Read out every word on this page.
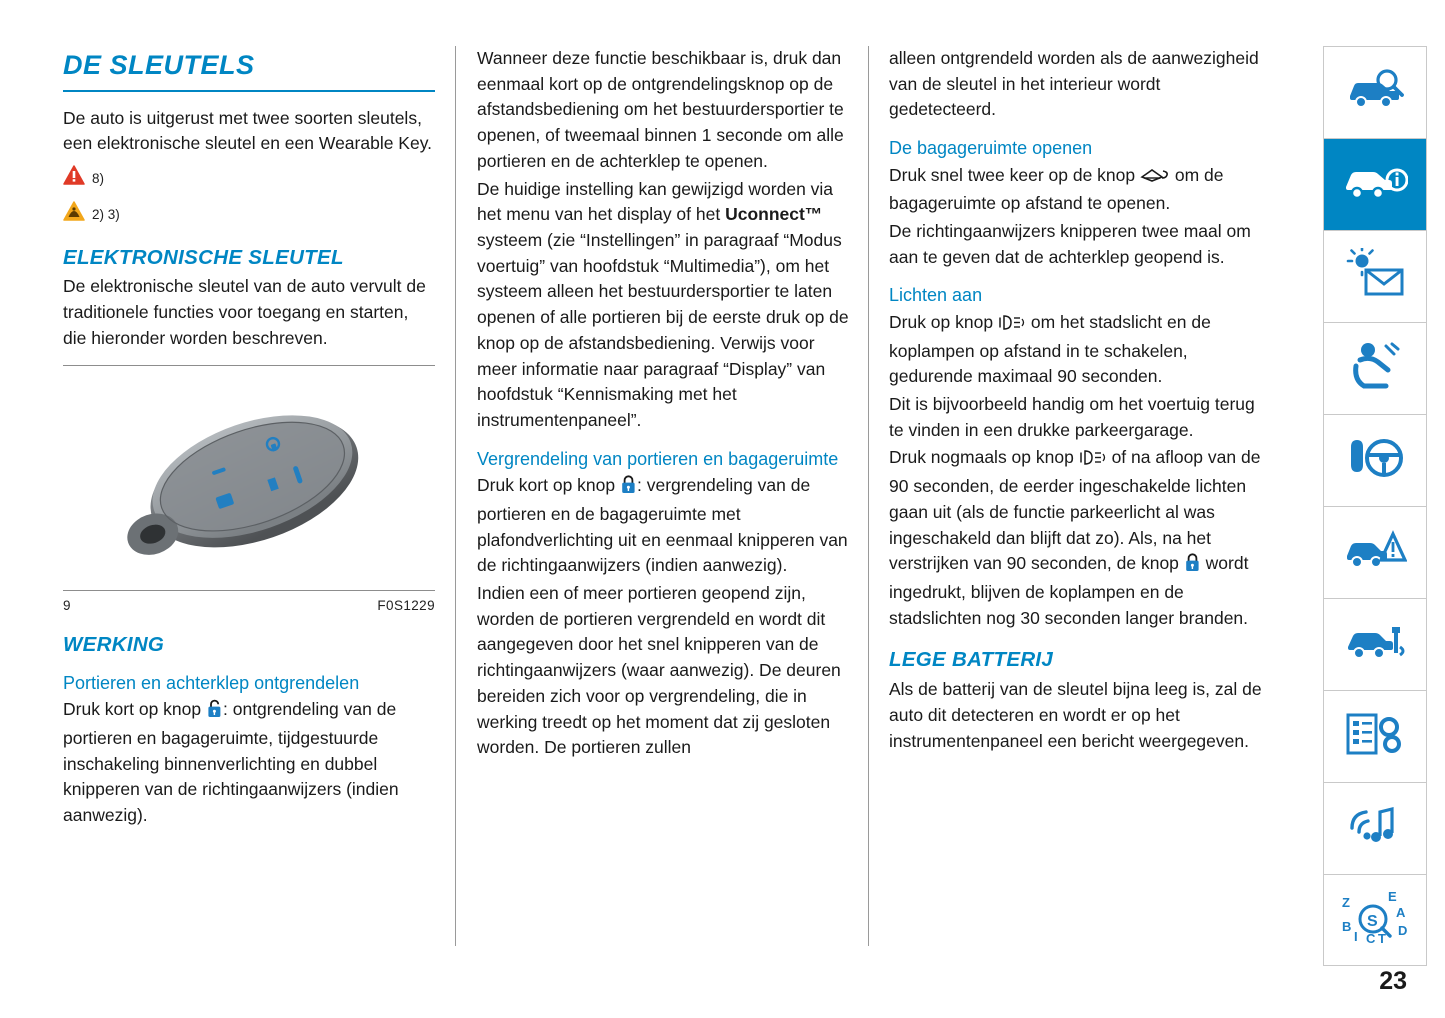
DE SLEUTELS

De auto is uitgerust met twee soorten sleutels, een elektronische sleutel en een Wearable Key.

8)
2) 3)
ELEKTRONISCHE SLEUTEL

De elektronische sleutel van de auto vervult de traditionele functies voor toegang en starten, die hieronder worden beschreven.

9	F0S1229
WERKING
Portieren en achterklep ontgrendelen

Druk kort op knop : ontgrendeling van de portieren en bagageruimte, tijdgestuurde inschakeling binnenverlichting en dubbel knipperen van de richtingaanwijzers (indien aanwezig).

Wanneer deze functie beschikbaar is, druk dan eenmaal kort op de ontgrendelingsknop op de afstandsbediening om het bestuurdersportier te openen, of tweemaal binnen 1 seconde om alle portieren en de achterklep te openen.

De huidige instelling kan gewijzigd worden via het menu van het display of het Uconnect™ systeem (zie “Instellingen” in paragraaf “Modus voertuig” van hoofdstuk “Multimedia”), om het systeem alleen het bestuurdersportier te laten openen of alle portieren bij de eerste druk op de knop op de afstandsbediening. Verwijs voor meer informatie naar paragraaf “Display” van hoofdstuk “Kennismaking met het instrumentenpaneel”.

Vergrendeling van portieren en bagageruimte

Druk kort op knop : vergrendeling van de portieren en de bagageruimte met plafondverlichting uit en eenmaal knipperen van de richtingaanwijzers (indien aanwezig).

Indien een of meer portieren geopend zijn, worden de portieren vergrendeld en wordt dit aangegeven door het snel knipperen van de richtingaanwijzers (waar aanwezig). De deuren bereiden zich voor op vergrendeling, die in werking treedt op het moment dat zij gesloten worden. De portieren zullen

alleen ontgrendeld worden als de aanwezigheid van de sleutel in het interieur wordt gedetecteerd.

De bagageruimte openen

Druk snel twee keer op de knop om de bagageruimte op afstand te openen.

De richtingaanwijzers knipperen twee maal om aan te geven dat de achterklep geopend is.

Lichten aan

Druk op knop om het stadslicht en de koplampen op afstand in te schakelen, gedurende maximaal 90 seconden.

Dit is bijvoorbeeld handig om het voertuig terug te vinden in een drukke parkeergarage.

Druk nogmaals op knop of na afloop van de 90 seconden, de eerder ingeschakelde lichten gaan uit (als de functie parkeerlicht al was ingeschakeld dan blijft dat zo). Als, na het verstrijken van 90 seconden, de knop wordt ingedrukt, blijven de koplampen en de stadslichten nog 30 seconden langer branden.

LEGE BATTERIJ

Als de batterij van de sleutel bijna leeg is, zal de auto dit detecteren en wordt er op het instrumentenpaneel een bericht weergegeven.

Z
B
I C T
E
A
D
S
23
